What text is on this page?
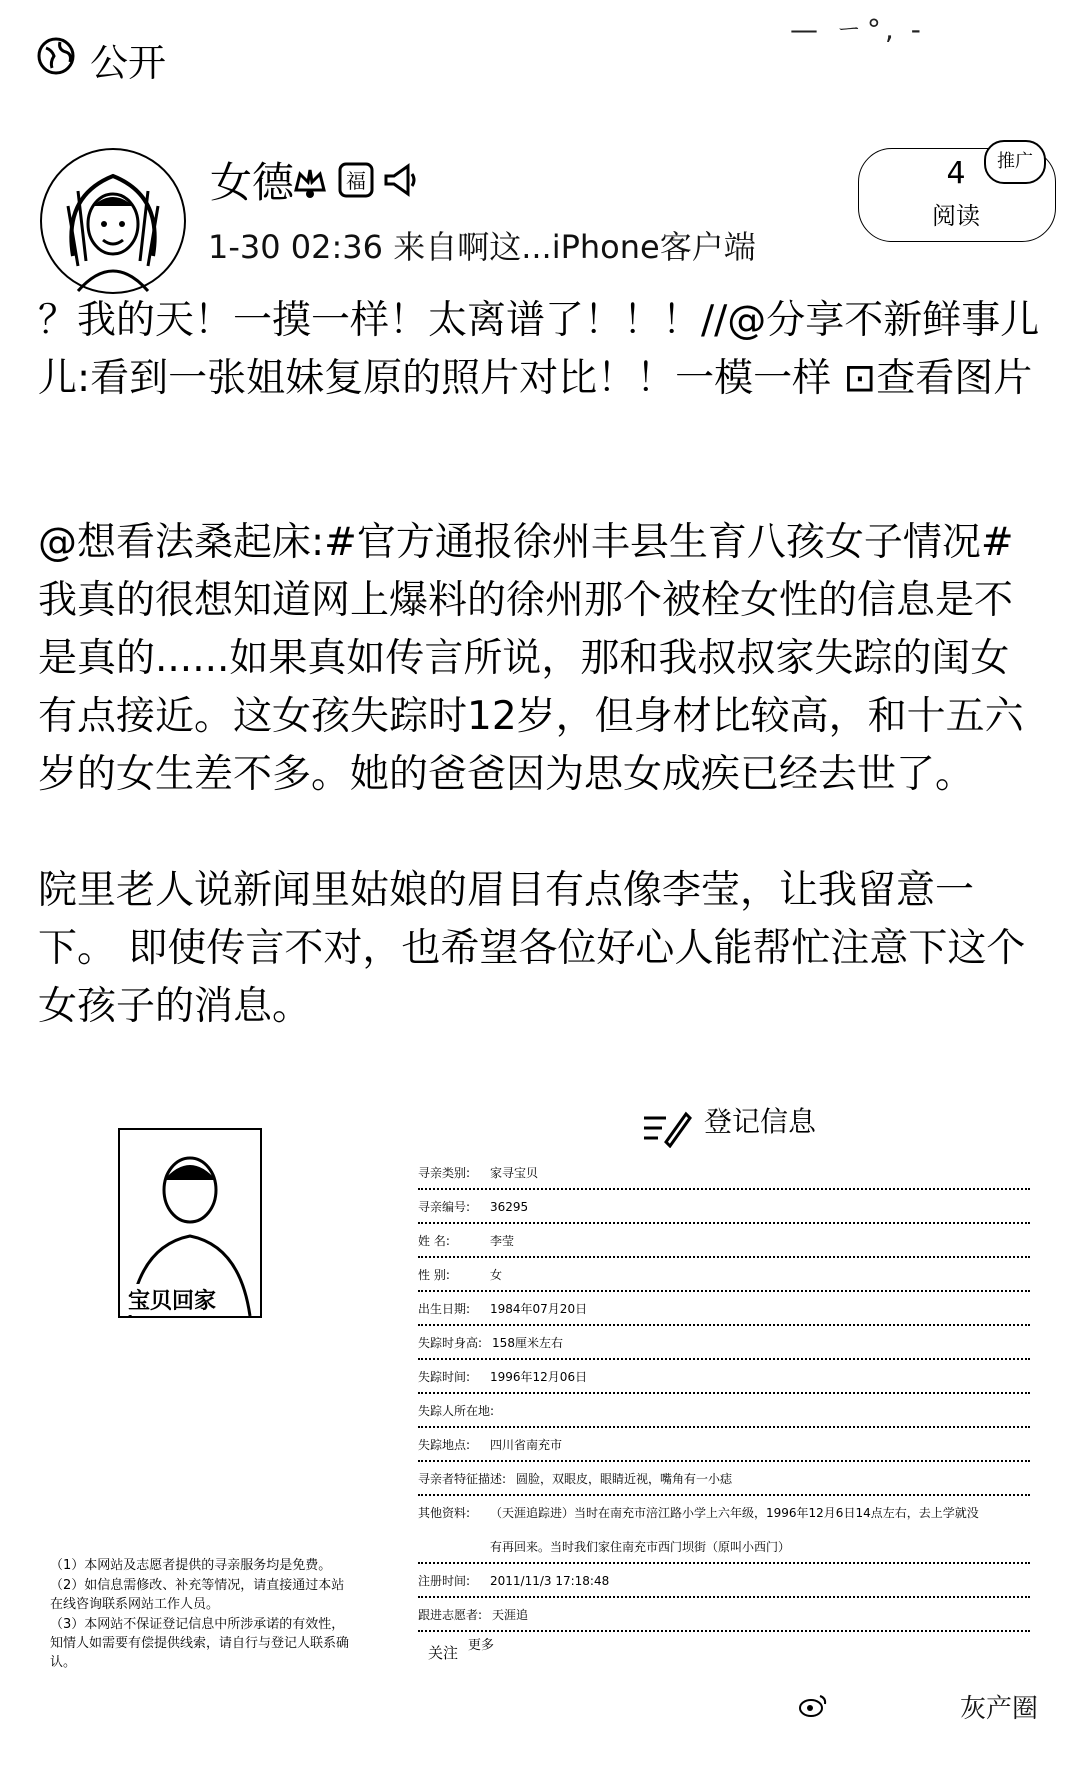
公开
— ㄧ°, -
女德	福
1-30 02:36 来自啊这...iPhone客户端
4
阅读
推广
？我的天！一摸一样！太离谱了！！！//@分享不新鲜事儿儿:看到一张姐妹复原的照片对比！！一模一样 ⊡查看图片
@想看法桑起床:#官方通报徐州丰县生育八孩女子情况# 我真的很想知道网上爆料的徐州那个被栓女性的信息是不是真的......如果真如传言所说，那和我叔叔家失踪的闺女有点接近。这女孩失踪时12岁，但身材比较高，和十五六岁的女生差不多。她的爸爸因为思女成疾已经去世了。
院里老人说新闻里姑娘的眉目有点像李莹，让我留意一下。 即使传言不对，也希望各位好心人能帮忙注意下这个女孩子的消息。
宝贝回家
登记信息
寻亲类别: 家寻宝贝
寻亲编号: 36295
姓 名:	李莹
性 别:	女
出生日期: 1984年07月20日
失踪时身高: 158厘米左右
失踪时间: 1996年12月06日
失踪人所在地:
失踪地点: 四川省南充市
寻亲者特征描述: 圆脸，双眼皮，眼睛近视，嘴角有一小痣
其他资料: （天涯追踪进）当时在南充市涪江路小学上六年级，1996年12月6日14点左右，去上学就没
有再回来。当时我们家住南充市西门坝街（原叫小西门）
注册时间: 2011/11/3 17:18:48
跟进志愿者: 天涯追
（1）本网站及志愿者提供的寻亲服务均是免费。
（2）如信息需修改、补充等情况，请直接通过本站在线咨询联系网站工作人员。
（3）本网站不保证登记信息中所涉承诺的有效性，知情人如需要有偿提供线索，请自行与登记人联系确认。
关注 更多
灰产圈
